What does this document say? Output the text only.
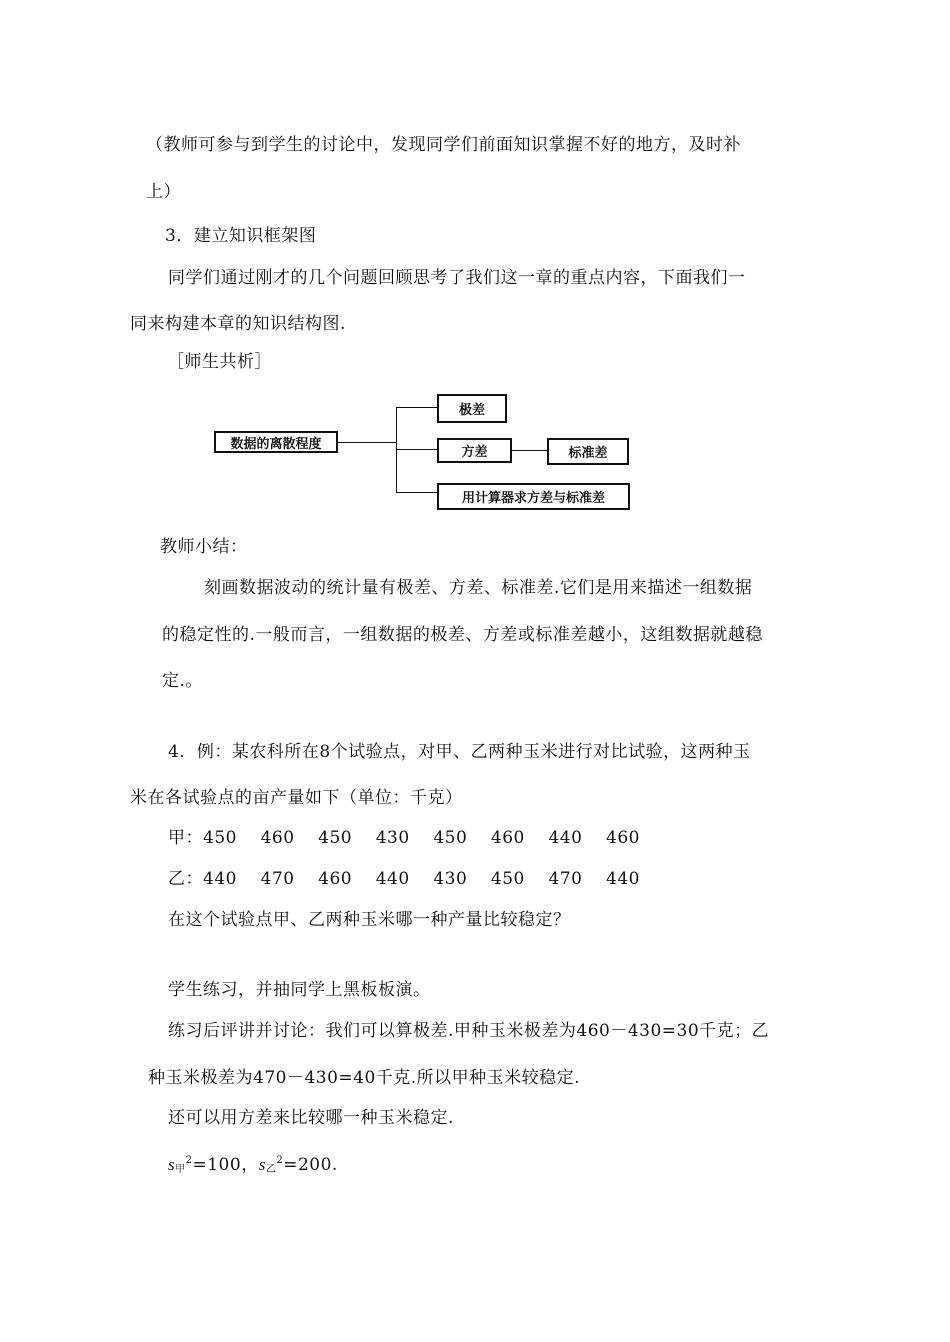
（教师可参与到学生的讨论中，发现同学们前面知识掌握不好的地方，及时补
上）
3．建立知识框架图
同学们通过刚才的几个问题回顾思考了我们这一章的重点内容，下面我们一
同来构建本章的知识结构图.
［师生共析］
数据的离散程度
极差
方差	标准差
用计算器求方差与标准差
教师小结：
刻画数据波动的统计量有极差、方差、标准差.它们是用来描述一组数据
的稳定性的.一般而言，一组数据的极差、方差或标准差越小，这组数据就越稳
定.。
4．例：某农科所在8个试验点，对甲、乙两种玉米进行对比试验，这两种玉
米在各试验点的亩产量如下（单位：千克）
甲：450 460 450 430 450 460 440 460
乙：440 470 460 440 430 450 470 440
在这个试验点甲、乙两种玉米哪一种产量比较稳定？
学生练习，并抽同学上黑板板演。
练习后评讲并讨论：我们可以算极差.甲种玉米极差为460－430=30千克；乙
种玉米极差为470－430=40千克.所以甲种玉米较稳定.
还可以用方差来比较哪一种玉米稳定.
$s_甲^2=100$，$s_乙^2=200$.
